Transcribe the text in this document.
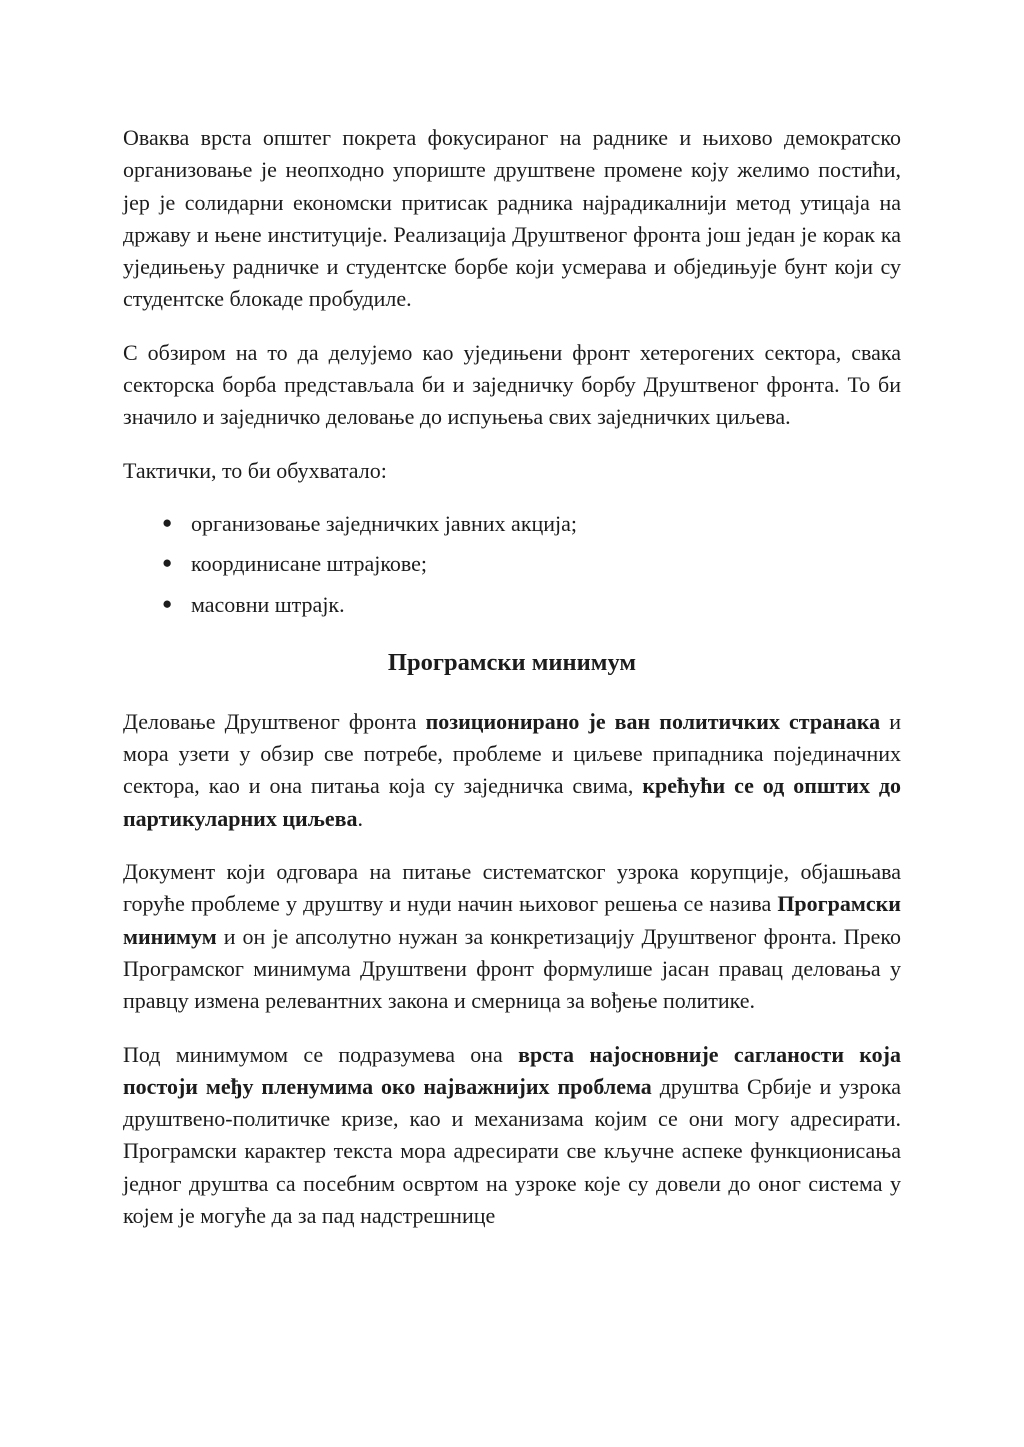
Оваква врста општег покрета фокусираног на раднике и њихово демократско организовање је неопходно упориште друштвене промене коју желимо постићи, јер је солидарни економски притисак радника најрадикалнији метод утицаја на државу и њене институције. Реализација Друштвеног фронта још један је корак ка уједињењу радничке и студентске борбе који усмерава и обједињује бунт који су студентске блокаде пробудиле.

С обзиром на то да делујемо као уједињени фронт хетерогених сектора, свака секторска борба представљала би и заједничку борбу Друштвеног фронта. То би значило и заједничко деловање до испуњења свих заједничких циљева.

Тактички, то би обухватало:

● организовање заједничких јавних акција;
● координисане штрајкове;
● масовни штрајк.
Програмски минимум

Деловање Друштвеног фронта позиционирано је ван политичких странака и мора узети у обзир све потребе, проблеме и циљеве припадника појединачних сектора, као и она питања која су заједничка свима, крећући се од општих до партикуларних циљева.

Документ који одговара на питање систематског узрока корупције, објашњава горуће проблеме у друштву и нуди начин њиховог решења се назива Програмски минимум и он је апсолутно нужан за конкретизацију Друштвеног фронта. Преко Програмског минимума Друштвени фронт формулише јасан правац деловања у правцу измена релевантних закона и смерница за вођење политике.

Под минимумом се подразумева она врста најосновније сагланости која постоји међу пленумима око најважнијих проблема друштва Србије и узрока друштвено-политичке кризе, као и механизама којим се они могу адресирати. Програмски карактер текста мора адресирати све кључне аспеке функционисања једног друштва са посебним освртом на узроке које су довели до оног система у којем је могуће да за пад надстрешнице
